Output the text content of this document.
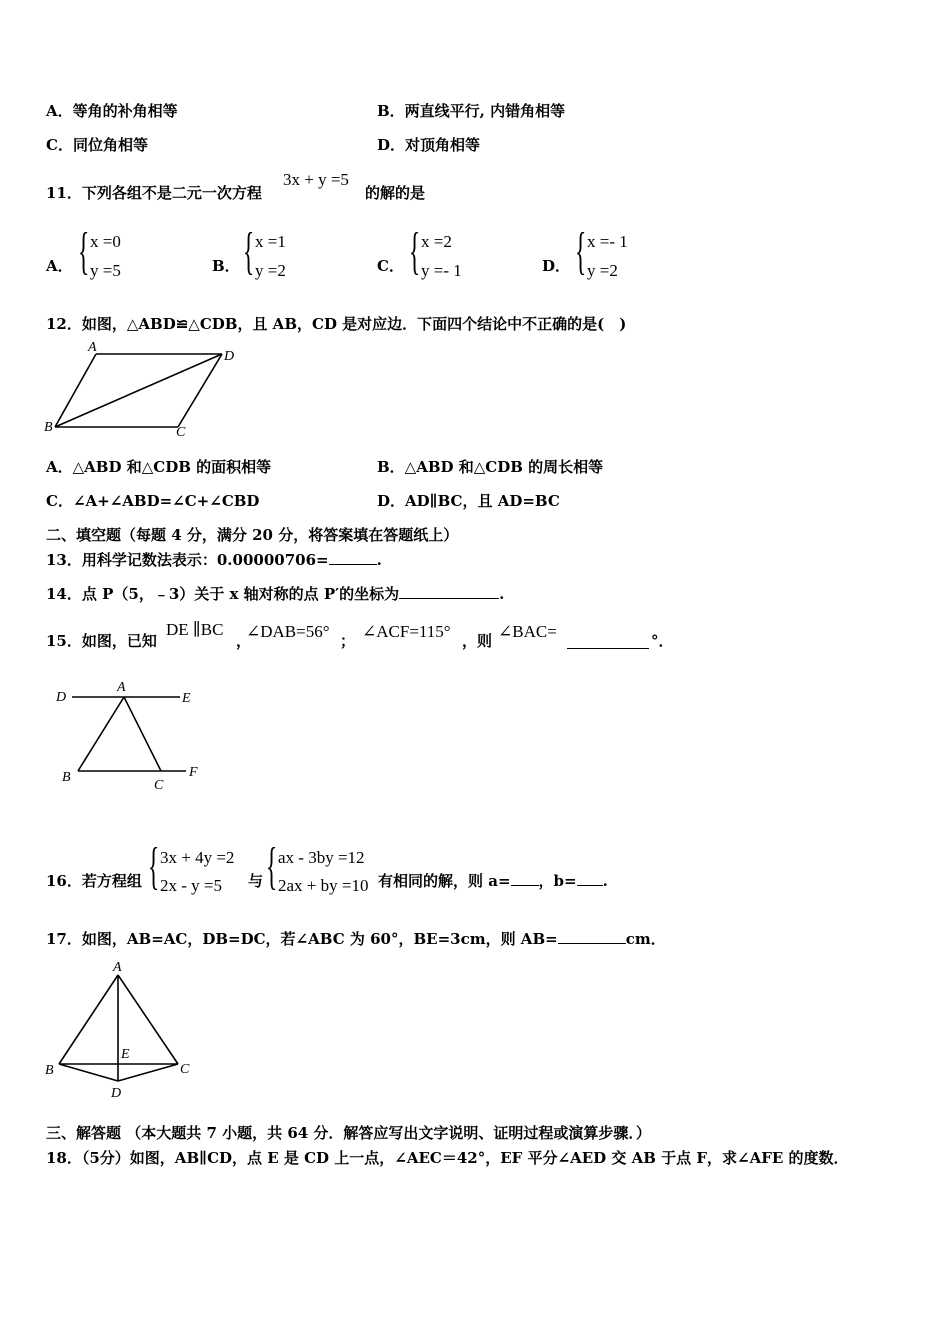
A．等角的补角相等	B．两直线平行, 内错角相等
C．同位角相等	D．对顶角相等
11．下列各组不是二元一次方程
3x + y =5
的解的是
A． { x =0
y =5	B． { x =1
y =2	C． { x =2
y =- 1	D． { x =- 1
y =2
12．如图，△ABD≌△CDB，且 AB，CD 是对应边．下面四个结论中不正确的是(　)
A
D
B	C
A．△ABD 和△CDB 的面积相等	B．△ABD 和△CDB 的周长相等
C．∠A+∠ABD=∠C+∠CBD	D．AD∥BC，且 AD=BC
二、填空题（每题 4 分，满分 20 分，将答案填在答题纸上）
13．用科学记数法表示：0.00000706=	.
14．点 P（5，﹣3）关于 x 轴对称的点 P′的坐标为	.
15．如图，已知
DE ∥BC
，
∠DAB=56° ； ∠ACF=115° ，则 ∠BAC=	°．
D
A
E
B
C
F
16．若方程组 { 3x + 4y =2
2x - y =5 与 { ax - 3by =12
2ax + by =10 有相同的解，则 a= ，b= .
17．如图，AB=AC，DB=DC，若∠ABC 为 60°，BE=3cm，则 AB=	cm．
A
B	C
D
E
三、解答题 （本大题共 7 小题，共 64 分．解答应写出文字说明、证明过程或演算步骤．）
18．（5分）如图，AB∥CD，点 E 是 CD 上一点，∠AEC＝42°，EF 平分∠AED 交 AB 于点 F，求∠AFE 的度数．
